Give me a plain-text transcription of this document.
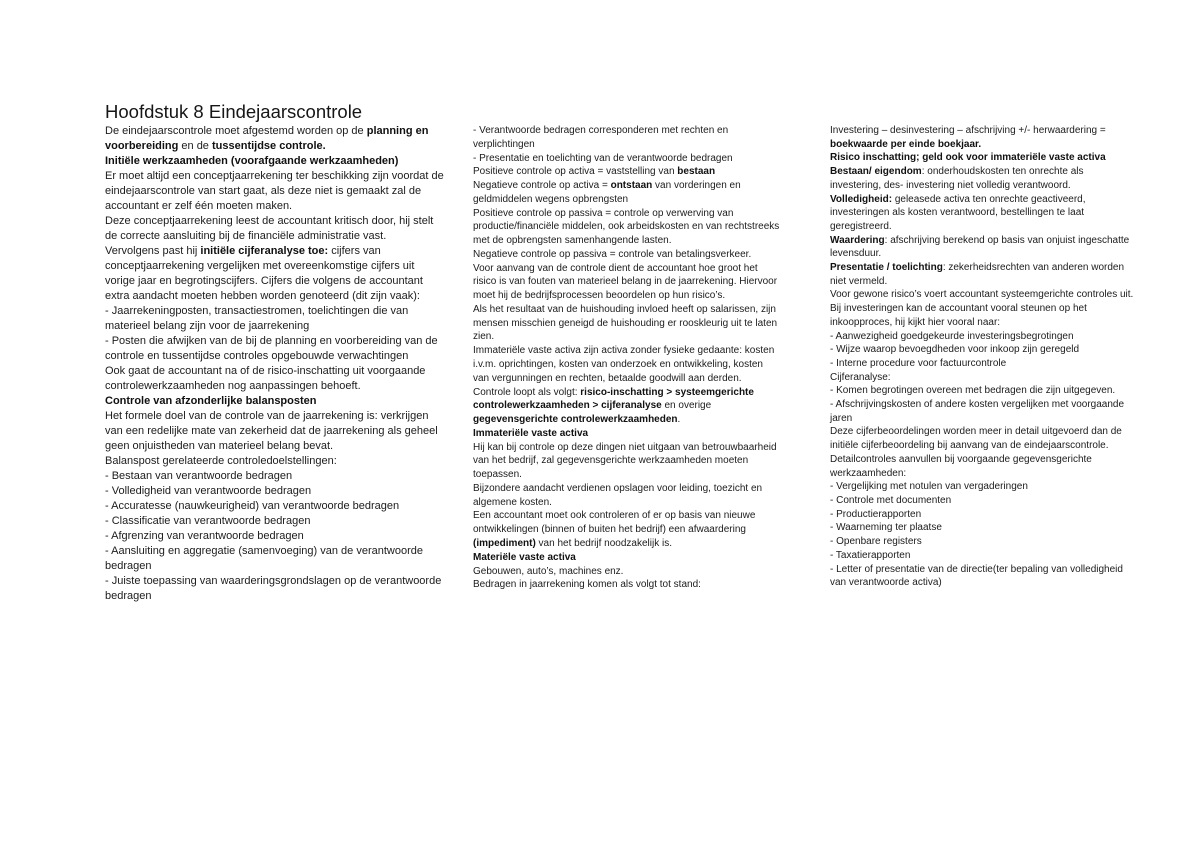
Hoofdstuk 8 Eindejaarscontrole
De eindejaarscontrole moet afgestemd worden op de planning en
voorbereiding en de tussentijdse controle.
Initiële werkzaamheden (voorafgaande werkzaamheden)
Er moet altijd een conceptjaarrekening ter beschikking zijn voordat de
eindejaarscontrole van start gaat, als deze niet is gemaakt zal de
accountant er zelf één moeten maken.
Deze conceptjaarrekening leest de accountant kritisch door, hij stelt
de correcte aansluiting bij de financiële administratie vast.
Vervolgens past hij initiële cijferanalyse toe: cijfers van
conceptjaarrekening vergelijken met overeenkomstige cijfers uit
vorige jaar en begrotingscijfers. Cijfers die volgens de accountant
extra aandacht moeten hebben worden genoteerd (dit zijn vaak):
- Jaarrekeningposten, transactiestromen, toelichtingen die van
materieel belang zijn voor de jaarrekening
- Posten die afwijken van de bij de planning en voorbereiding van de
controle en tussentijdse controles opgebouwde verwachtingen
Ook gaat de accountant na of de risico-inschatting uit voorgaande
controlewerkzaamheden nog aanpassingen behoeft.
Controle van afzonderlijke balansposten
Het formele doel van de controle van de jaarrekening is: verkrijgen
van een redelijke mate van zekerheid dat de jaarrekening als geheel
geen onjuistheden van materieel belang bevat.
Balanspost gerelateerde controledoelstellingen:
- Bestaan van verantwoorde bedragen
- Volledigheid van verantwoorde bedragen
- Accuratesse (nauwkeurigheid) van verantwoorde bedragen
- Classificatie van verantwoorde bedragen
- Afgrenzing van verantwoorde bedragen
- Aansluiting en aggregatie (samenvoeging) van de verantwoorde
bedragen
- Juiste toepassing van waarderingsgrondslagen op de verantwoorde
bedragen
- Verantwoorde bedragen corresponderen met rechten en
verplichtingen
- Presentatie en toelichting van de verantwoorde bedragen
Positieve controle op activa = vaststelling van bestaan
Negatieve controle op activa = ontstaan van vorderingen en
geldmiddelen wegens opbrengsten
Positieve controle op passiva = controle op verwerving van
productie/financiële middelen, ook arbeidskosten en van rechtstreeks
met de opbrengsten samenhangende lasten.
Negatieve controle op passiva = controle van betalingsverkeer.
Voor aanvang van de controle dient de accountant hoe groot het
risico is van fouten van materieel belang in de jaarrekening. Hiervoor
moet hij de bedrijfsprocessen beoordelen op hun risico’s.
Als het resultaat van de huishouding invloed heeft op salarissen, zijn
mensen misschien geneigd de huishouding er rooskleurig uit te laten
zien.
Immateriële vaste activa zijn activa zonder fysieke gedaante: kosten
i.v.m. oprichtingen, kosten van onderzoek en ontwikkeling, kosten
van vergunningen en rechten, betaalde goodwill aan derden.
Controle loopt als volgt: risico-inschatting > systeemgerichte
controlewerkzaamheden > cijferanalyse en overige
gegevensgerichte controlewerkzaamheden.
Immateriële vaste activa
Hij kan bij controle op deze dingen niet uitgaan van betrouwbaarheid
van het bedrijf, zal gegevensgerichte werkzaamheden moeten
toepassen.
Bijzondere aandacht verdienen opslagen voor leiding, toezicht en
algemene kosten.
Een accountant moet ook controleren of er op basis van nieuwe
ontwikkelingen (binnen of buiten het bedrijf) een afwaardering
(impediment) van het bedrijf noodzakelijk is.
Materiële vaste activa
Gebouwen, auto’s, machines enz.
Bedragen in jaarrekening komen als volgt tot stand:
Investering – desinvestering – afschrijving +/- herwaardering =
boekwaarde per einde boekjaar.
Risico inschatting; geld ook voor immateriële vaste activa
Bestaan/ eigendom: onderhoudskosten ten onrechte als
investering, des- investering niet volledig verantwoord.
Volledigheid: geleasede activa ten onrechte geactiveerd,
investeringen als kosten verantwoord, bestellingen te laat
geregistreerd.
Waardering: afschrijving berekend op basis van onjuist ingeschatte
levensduur.
Presentatie / toelichting: zekerheidsrechten van anderen worden
niet vermeld.
Voor gewone risico’s voert accountant systeemgerichte controles uit.
Bij investeringen kan de accountant vooral steunen op het
inkoopproces, hij kijkt hier vooral naar:
- Aanwezigheid goedgekeurde investeringsbegrotingen
- Wijze waarop bevoegdheden voor inkoop zijn geregeld
- Interne procedure voor factuurcontrole
Cijferanalyse:
- Komen begrotingen overeen met bedragen die zijn uitgegeven.
- Afschrijvingskosten of andere kosten vergelijken met voorgaande
jaren
Deze cijferbeoordelingen worden meer in detail uitgevoerd dan de
initiële cijferbeoordeling bij aanvang van de eindejaarscontrole.
Detailcontroles aanvullen bij voorgaande gegevensgerichte
werkzaamheden:
- Vergelijking met notulen van vergaderingen
- Controle met documenten
- Productierapporten
- Waarneming ter plaatse
- Openbare registers
- Taxatierapporten
- Letter of presentatie van de directie(ter bepaling van volledigheid
van verantwoorde activa)
